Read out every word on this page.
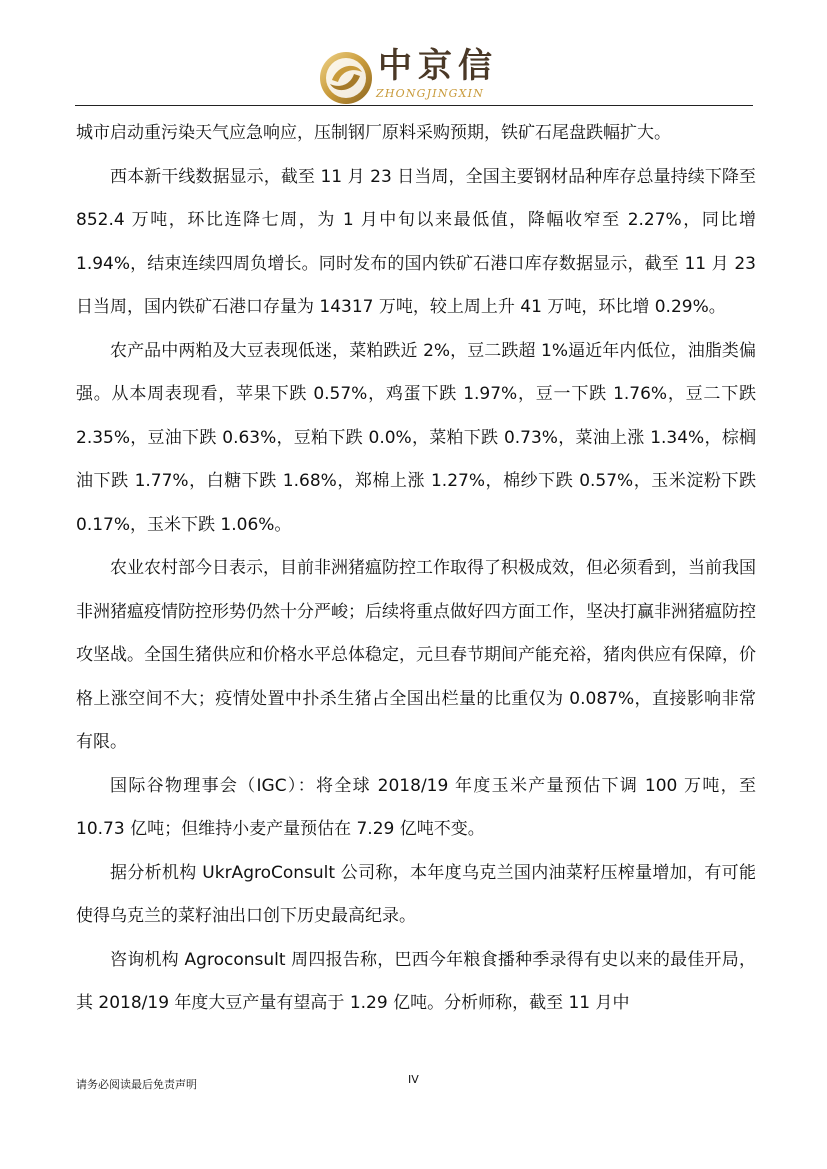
中京信
ZHONGJINGXIN

城市启动重污染天气应急响应，压制钢厂原料采购预期，铁矿石尾盘跌幅扩大。

西本新干线数据显示，截至 11 月 23 日当周，全国主要钢材品种库存总量持续下降至 852.4 万吨，环比连降七周，为 1 月中旬以来最低值，降幅收窄至 2.27%，同比增 1.94%，结束连续四周负增长。同时发布的国内铁矿石港口库存数据显示，截至 11 月 23 日当周，国内铁矿石港口存量为 14317 万吨，较上周上升 41 万吨，环比增 0.29%。

农产品中两粕及大豆表现低迷，菜粕跌近 2%，豆二跌超 1%逼近年内低位，油脂类偏强。从本周表现看，苹果下跌 0.57%，鸡蛋下跌 1.97%，豆一下跌 1.76%，豆二下跌 2.35%，豆油下跌 0.63%，豆粕下跌 0.0%，菜粕下跌 0.73%，菜油上涨 1.34%，棕榈油下跌 1.77%，白糖下跌 1.68%，郑棉上涨 1.27%，棉纱下跌 0.57%，玉米淀粉下跌 0.17%，玉米下跌 1.06%。

农业农村部今日表示，目前非洲猪瘟防控工作取得了积极成效，但必须看到，当前我国非洲猪瘟疫情防控形势仍然十分严峻；后续将重点做好四方面工作，坚决打赢非洲猪瘟防控攻坚战。全国生猪供应和价格水平总体稳定，元旦春节期间产能充裕，猪肉供应有保障，价格上涨空间不大；疫情处置中扑杀生猪占全国出栏量的比重仅为 0.087%，直接影响非常有限。

国际谷物理事会（IGC）：将全球 2018/19 年度玉米产量预估下调 100 万吨，至 10.73 亿吨；但维持小麦产量预估在 7.29 亿吨不变。

据分析机构 UkrAgroConsult 公司称，本年度乌克兰国内油菜籽压榨量增加，有可能使得乌克兰的菜籽油出口创下历史最高纪录。

咨询机构 Agroconsult 周四报告称，巴西今年粮食播种季录得有史以来的最佳开局，其 2018/19 年度大豆产量有望高于 1.29 亿吨。分析师称，截至 11 月中

请务必阅读最后免责声明	IV
